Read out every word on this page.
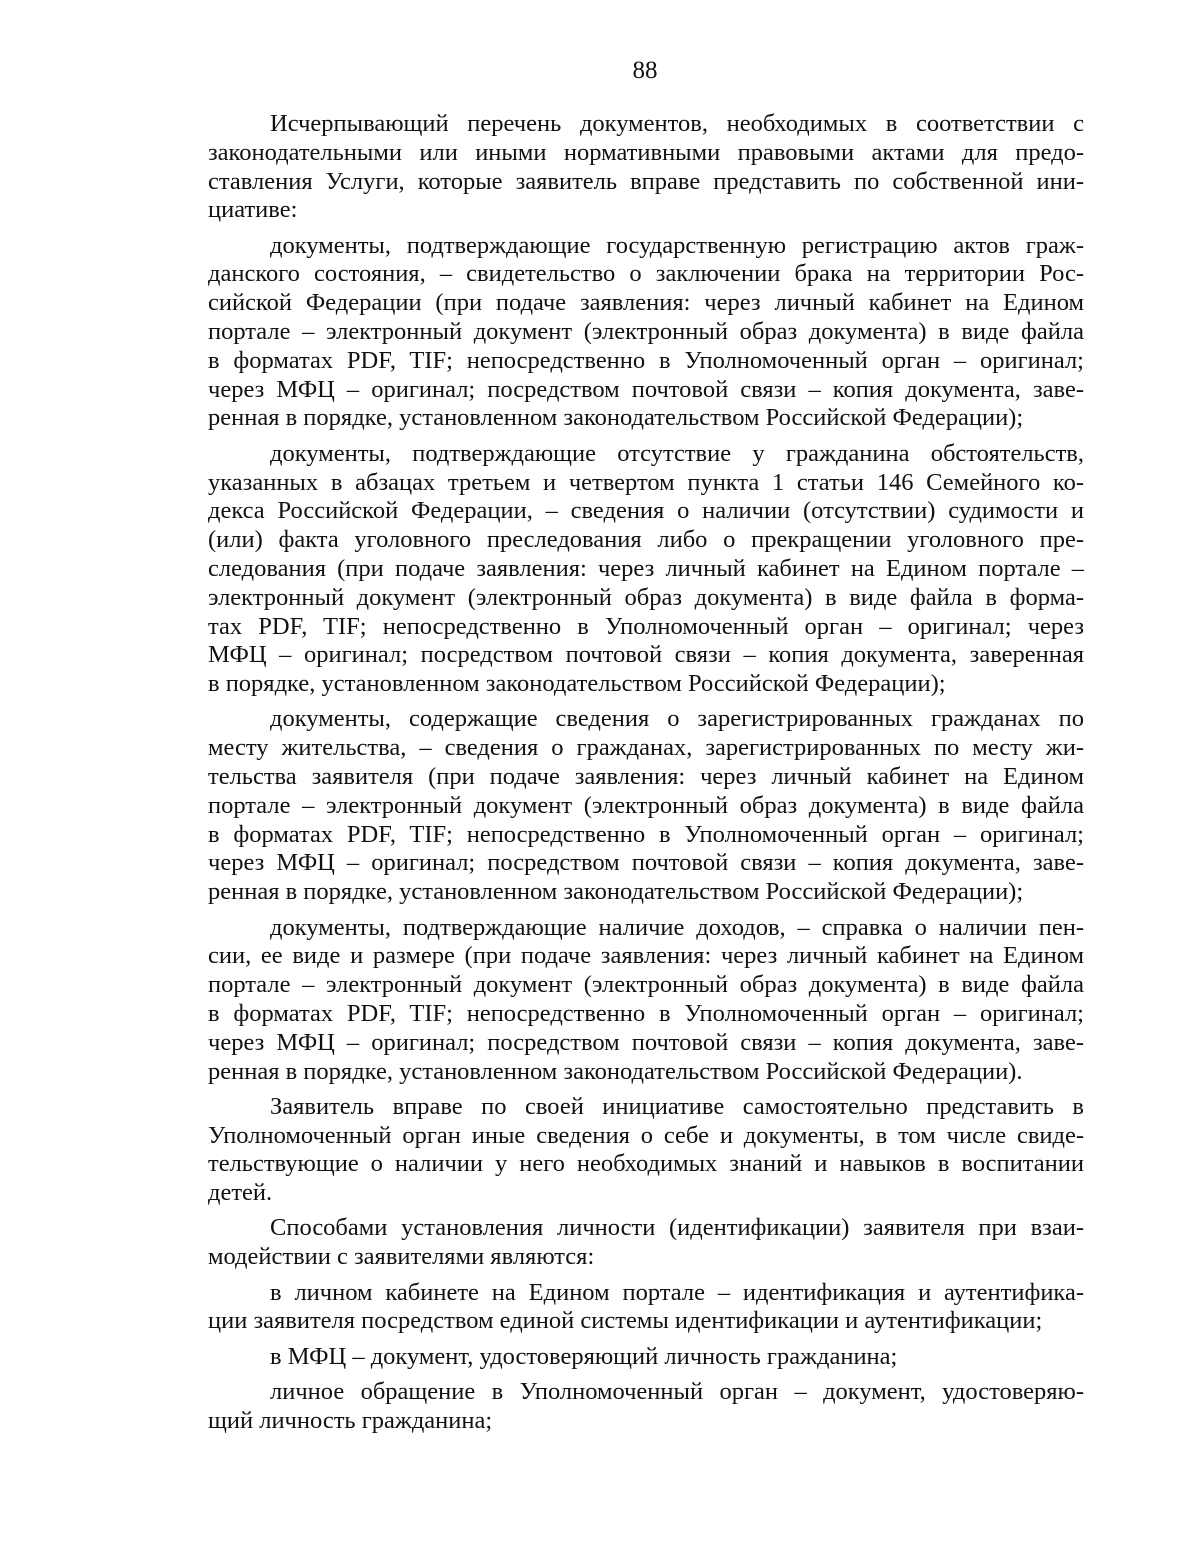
88
Исчерпывающий перечень документов, необходимых в соответствии с
законодательными или иными нормативными правовыми актами для предо-
ставления Услуги, которые заявитель вправе представить по собственной ини-
циативе:
документы, подтверждающие государственную регистрацию актов граж-
данского состояния, – свидетельство о заключении брака на территории Рос-
сийской Федерации (при подаче заявления: через личный кабинет на Едином
портале – электронный документ (электронный образ документа) в виде файла
в форматах PDF, TIF; непосредственно в Уполномоченный орган – оригинал;
через МФЦ – оригинал; посредством почтовой связи – копия документа, заве-
ренная в порядке, установленном законодательством Российской Федерации);
документы, подтверждающие отсутствие у гражданина обстоятельств,
указанных в абзацах третьем и четвертом пункта 1 статьи 146 Семейного ко-
декса Российской Федерации, – сведения о наличии (отсутствии) судимости и
(или) факта уголовного преследования либо о прекращении уголовного пре-
следования (при подаче заявления: через личный кабинет на Едином портале –
электронный документ (электронный образ документа) в виде файла в форма-
тах PDF, TIF; непосредственно в Уполномоченный орган – оригинал; через
МФЦ – оригинал; посредством почтовой связи – копия документа, заверенная
в порядке, установленном законодательством Российской Федерации);
документы, содержащие сведения о зарегистрированных гражданах по
месту жительства, – сведения о гражданах, зарегистрированных по месту жи-
тельства заявителя (при подаче заявления: через личный кабинет на Едином
портале – электронный документ (электронный образ документа) в виде файла
в форматах PDF, TIF; непосредственно в Уполномоченный орган – оригинал;
через МФЦ – оригинал; посредством почтовой связи – копия документа, заве-
ренная в порядке, установленном законодательством Российской Федерации);
документы, подтверждающие наличие доходов, – справка о наличии пен-
сии, ее виде и размере (при подаче заявления: через личный кабинет на Едином
портале – электронный документ (электронный образ документа) в виде файла
в форматах PDF, TIF; непосредственно в Уполномоченный орган – оригинал;
через МФЦ – оригинал; посредством почтовой связи – копия документа, заве-
ренная в порядке, установленном законодательством Российской Федерации).
Заявитель вправе по своей инициативе самостоятельно представить в
Уполномоченный орган иные сведения о себе и документы, в том числе свиде-
тельствующие о наличии у него необходимых знаний и навыков в воспитании
детей.
Способами установления личности (идентификации) заявителя при взаи-
модействии с заявителями являются:
в личном кабинете на Едином портале – идентификация и аутентифика-
ции заявителя посредством единой системы идентификации и аутентификации;
в МФЦ – документ, удостоверяющий личность гражданина;
личное обращение в Уполномоченный орган – документ, удостоверяю-
щий личность гражданина;
